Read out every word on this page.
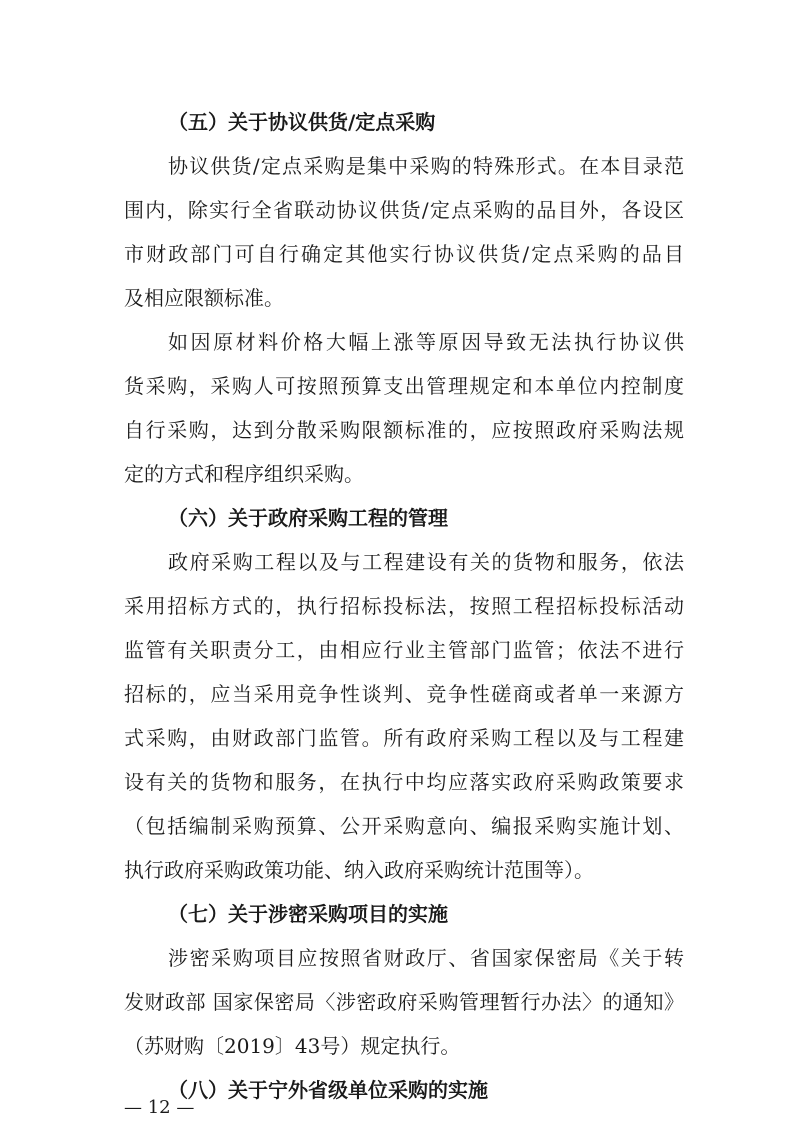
（五）关于协议供货/定点采购
协议供货/定点采购是集中采购的特殊形式。在本目录范
围内，除实行全省联动协议供货/定点采购的品目外，各设区
市财政部门可自行确定其他实行协议供货/定点采购的品目
及相应限额标准。
如因原材料价格大幅上涨等原因导致无法执行协议供
货采购，采购人可按照预算支出管理规定和本单位内控制度
自行采购，达到分散采购限额标准的，应按照政府采购法规
定的方式和程序组织采购。
（六）关于政府采购工程的管理
政府采购工程以及与工程建设有关的货物和服务，依法
采用招标方式的，执行招标投标法，按照工程招标投标活动
监管有关职责分工，由相应行业主管部门监管；依法不进行
招标的，应当采用竞争性谈判、竞争性磋商或者单一来源方
式采购，由财政部门监管。所有政府采购工程以及与工程建
设有关的货物和服务，在执行中均应落实政府采购政策要求
（包括编制采购预算、公开采购意向、编报采购实施计划、
执行政府采购政策功能、纳入政府采购统计范围等）。
（七）关于涉密采购项目的实施
涉密采购项目应按照省财政厅、省国家保密局《关于转
发财政部 国家保密局〈涉密政府采购管理暂行办法〉的通知》
（苏财购〔2019〕43号）规定执行。
（八）关于宁外省级单位采购的实施
— 12 —
